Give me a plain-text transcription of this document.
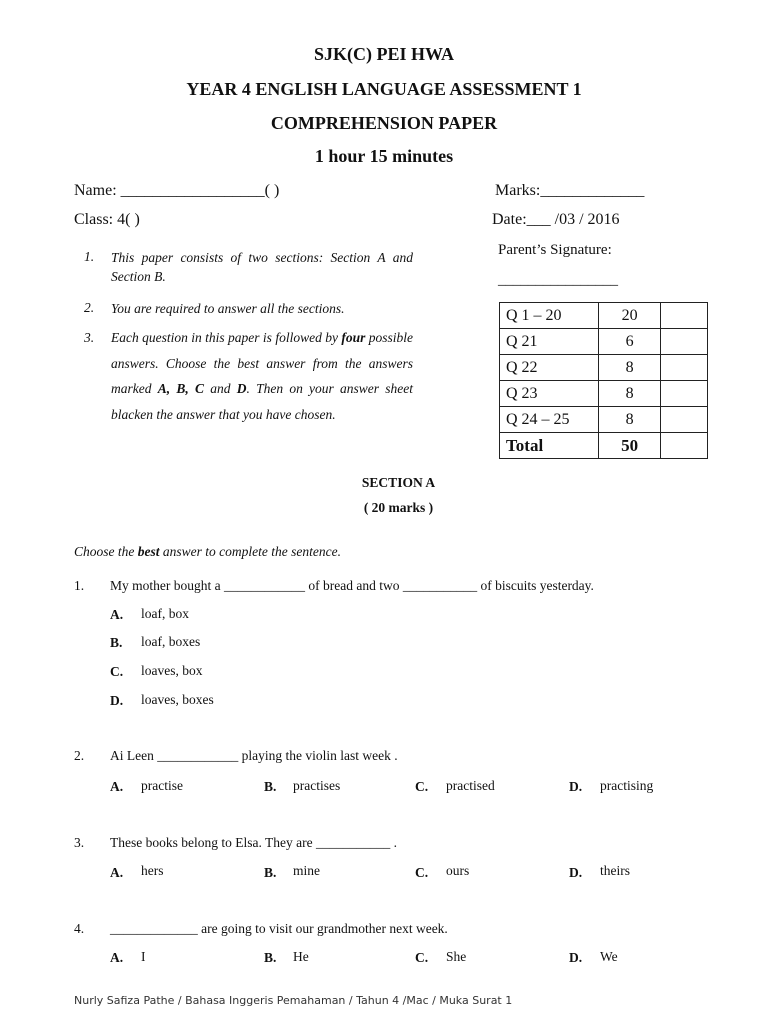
SJK(C) PEI HWA
YEAR 4 ENGLISH LANGUAGE ASSESSMENT 1
COMPREHENSION PAPER
1 hour 15 minutes
Name: __________________( )
Class: 4( )
Marks:_____________
Date:___ /03 / 2016
Parent’s Signature:
________________
1.	This paper consists of two sections: Section A and Section B.
2.	You are required to answer all the sections.
3.	Each question in this paper is followed by four possible answers. Choose the best answer from the answers marked A, B, C and D. Then on your answer sheet blacken the answer that you have chosen.
Q 1 – 20	20	
Q 21	6	
Q 22	8	
Q 23	8	
Q 24 – 25	8	
Total	50	
SECTION A
( 20 marks )
Choose the best answer to complete the sentence.
1. My mother bought a ____________ of bread and two ___________ of biscuits yesterday.
A. loaf, box
B. loaf, boxes
C. loaves, box
D. loaves, boxes
2. Ai Leen ____________ playing the violin last week .
A. practise	B. practises	C. practised	D. practising
3. These books belong to Elsa. They are ___________ .
A. hers	B. mine	C. ours	D. theirs
4. _____________ are going to visit our grandmother next week.
A. I	B. He	C. She	D. We
Nurly Safiza Pathe / Bahasa Inggeris Pemahaman / Tahun 4 /Mac / Muka Surat 1
